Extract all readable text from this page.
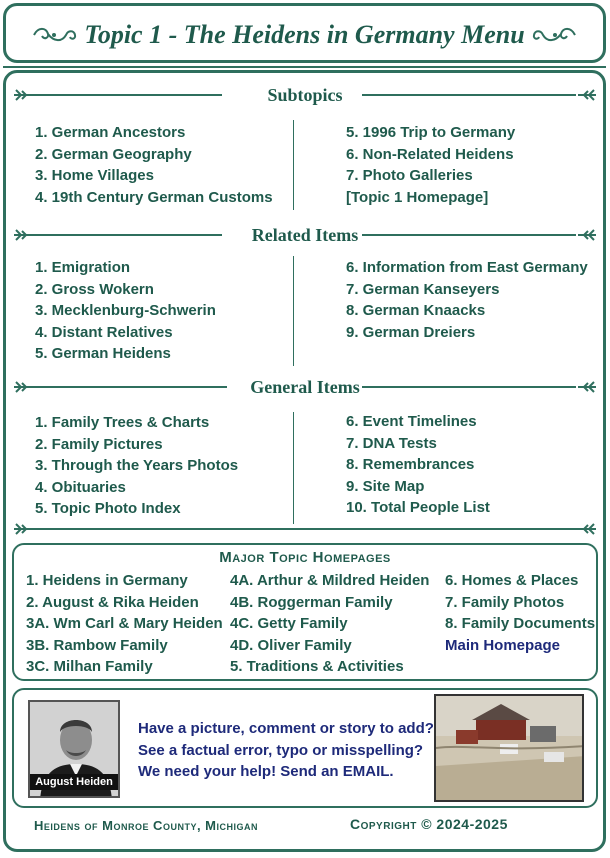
Topic 1 - The Heidens in Germany Menu
Subtopics
1. German Ancestors
2. German Geography
3. Home Villages
4. 19th Century German Customs
5. 1996 Trip to Germany
6. Non-Related Heidens
7. Photo Galleries
[Topic 1 Homepage]
Related Items
1. Emigration
2. Gross Wokern
3. Mecklenburg-Schwerin
4. Distant Relatives
5. German Heidens
6. Information from East Germany
7. German Kanseyers
8. German Knaacks
9. German Dreiers
General Items
1. Family Trees & Charts
2. Family Pictures
3. Through the Years Photos
4. Obituaries
5. Topic Photo Index
6. Event Timelines
7. DNA Tests
8. Remembrances
9. Site Map
10. Total People List
Major Topic Homepages
1. Heidens in Germany
2. August & Rika Heiden
3A. Wm Carl & Mary Heiden
3B. Rambow Family
3C. Milhan Family
4A. Arthur & Mildred Heiden
4B. Roggerman Family
4C. Getty Family
4D. Oliver Family
5. Traditions & Activities
6. Homes & Places
7. Family Photos
8. Family Documents
Main Homepage
August Heiden
Have a picture, comment or story to add?
See a factual error, typo or misspelling?
We need your help! Send an EMAIL.
Heidens of Monroe County, Michigan	Copyright © 2024-2025
